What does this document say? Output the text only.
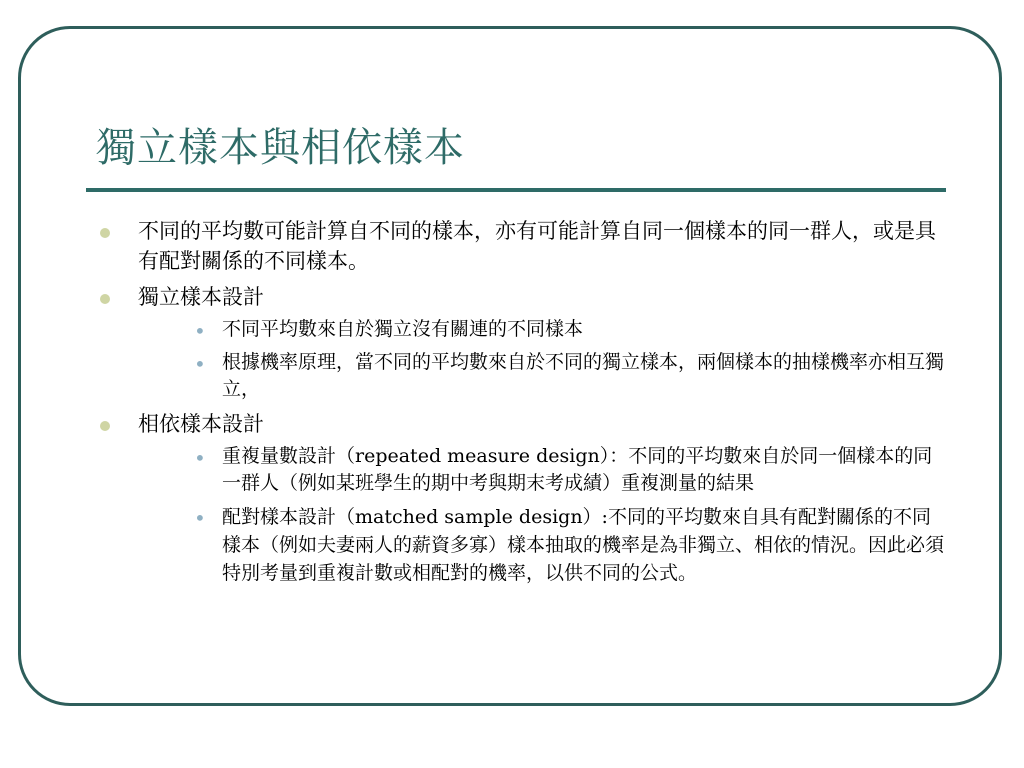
獨立樣本與相依樣本
不同的平均數可能計算自不同的樣本，亦有可能計算自同一個樣本的同一群人，或是具有配對關係的不同樣本。
獨立樣本設計
• 不同平均數來自於獨立沒有關連的不同樣本
• 根據機率原理，當不同的平均數來自於不同的獨立樣本，兩個樣本的抽樣機率亦相互獨立，
相依樣本設計
• 重複量數設計（repeated measure design）：不同的平均數來自於同一個樣本的同一群人（例如某班學生的期中考與期末考成績）重複測量的結果
• 配對樣本設計（matched sample design）:不同的平均數來自具有配對關係的不同樣本（例如夫妻兩人的薪資多寡）樣本抽取的機率是為非獨立、相依的情況。因此必須特別考量到重複計數或相配對的機率，以供不同的公式。
